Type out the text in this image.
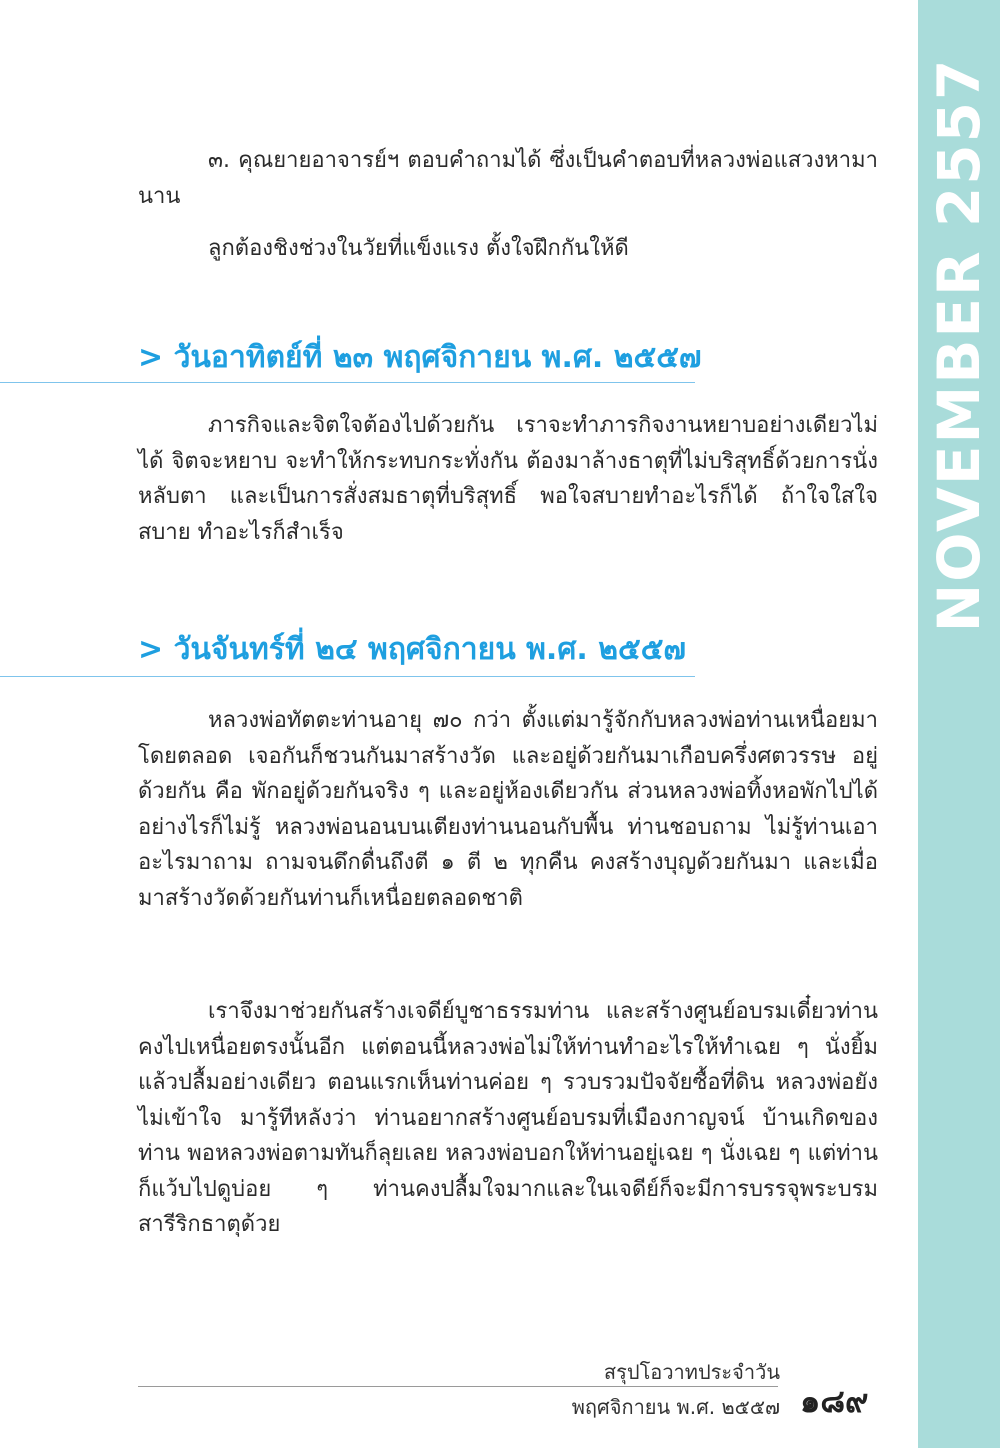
NOVEMBER 2557

๓. คุณยายอาจารย์ฯ ตอบคำถามได้ ซึ่งเป็นคำตอบที่หลวงพ่อแสวงหามานาน

ลูกต้องชิงช่วงในวัยที่แข็งแรง ตั้งใจฝึกกันให้ดี

> วันอาทิตย์ที่ ๒๓ พฤศจิกายน พ.ศ. ๒๕๕๗

ภารกิจและจิตใจต้องไปด้วยกัน เราจะทำภารกิจงานหยาบอย่างเดียวไม่ได้ จิตจะหยาบ จะทำให้กระทบกระทั่งกัน ต้องมาล้างธาตุที่ไม่บริสุทธิ์ด้วยการนั่งหลับตา และเป็นการสั่งสมธาตุที่บริสุทธิ์ พอใจสบายทำอะไรก็ได้ ถ้าใจใสใจสบาย ทำอะไรก็สำเร็จ

> วันจันทร์ที่ ๒๔ พฤศจิกายน พ.ศ. ๒๕๕๗

หลวงพ่อทัตตะท่านอายุ ๗๐ กว่า ตั้งแต่มารู้จักกับหลวงพ่อท่านเหนื่อยมาโดยตลอด เจอกันก็ชวนกันมาสร้างวัด และอยู่ด้วยกันมาเกือบครึ่งศตวรรษ อยู่ด้วยกัน คือ พักอยู่ด้วยกันจริง ๆ และอยู่ห้องเดียวกัน ส่วนหลวงพ่อทิ้งหอพักไปได้อย่างไรก็ไม่รู้ หลวงพ่อนอนบนเตียงท่านนอนกับพื้น ท่านชอบถาม ไม่รู้ท่านเอาอะไรมาถาม ถามจนดึกดื่นถึงตี ๑ ตี ๒ ทุกคืน คงสร้างบุญด้วยกันมา และเมื่อมาสร้างวัดด้วยกันท่านก็เหนื่อยตลอดชาติ

เราจึงมาช่วยกันสร้างเจดีย์บูชาธรรมท่าน และสร้างศูนย์อบรมเดี๋ยวท่านคงไปเหนื่อยตรงนั้นอีก แต่ตอนนี้หลวงพ่อไม่ให้ท่านทำอะไรให้ทำเฉย ๆ นั่งยิ้มแล้วปลื้มอย่างเดียว ตอนแรกเห็นท่านค่อย ๆ รวบรวมปัจจัยซื้อที่ดิน หลวงพ่อยังไม่เข้าใจ มารู้ทีหลังว่า ท่านอยากสร้างศูนย์อบรมที่เมืองกาญจน์ บ้านเกิดของท่าน พอหลวงพ่อตามทันก็ลุยเลย หลวงพ่อบอกให้ท่านอยู่เฉย ๆ นั่งเฉย ๆ แต่ท่านก็แว้บไปดูบ่อย ๆ ท่านคงปลื้มใจมากและในเจดีย์ก็จะมีการบรรจุพระบรมสารีริกธาตุด้วย

สรุปโอวาทประจำวัน

พฤศจิกายน พ.ศ. ๒๕๕๗ ๑๘๙
